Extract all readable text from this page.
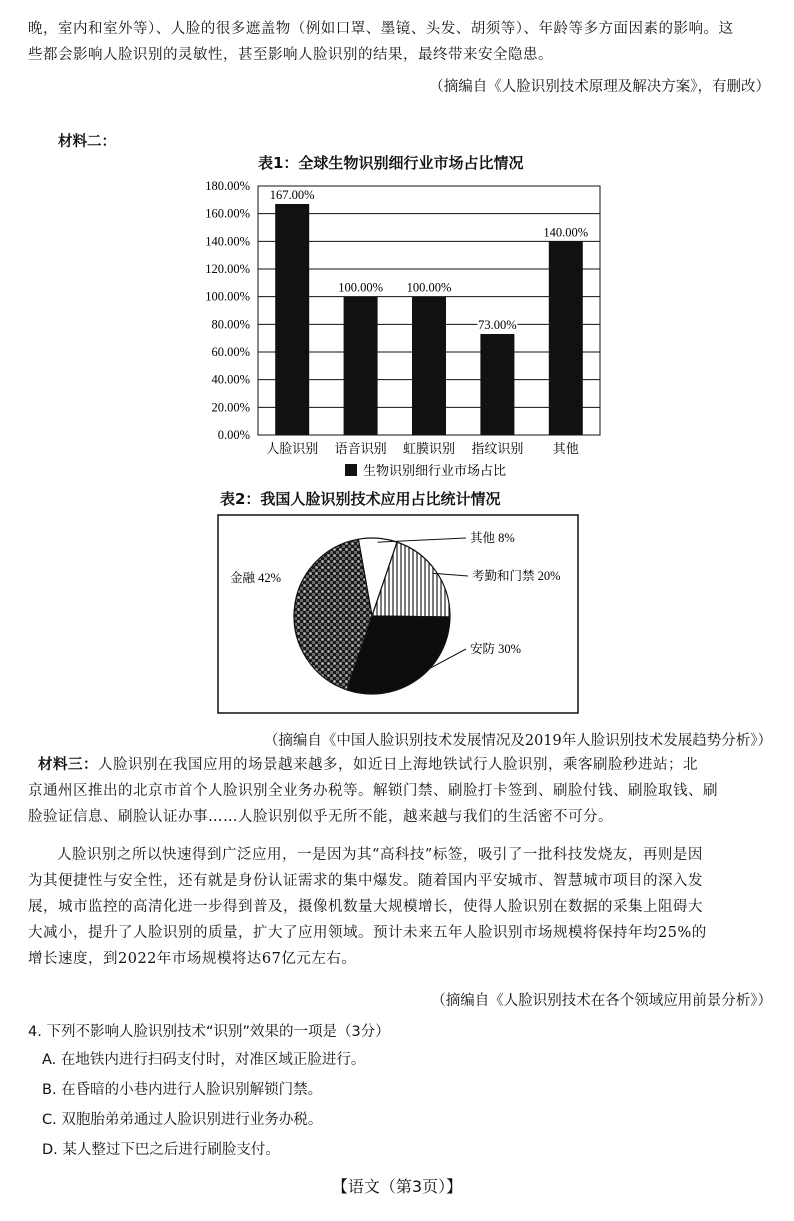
晚，室内和室外等）、人脸的很多遮盖物（例如口罩、墨镜、头发、胡须等）、年龄等多方面因素的影响。这
些都会影响人脸识别的灵敏性，甚至影响人脸识别的结果，最终带来安全隐患。
（摘编自《人脸识别技术原理及解决方案》，有删改）
材料二：
表1：全球生物识别细行业市场占比情况
0.00%
20.00%
40.00%
60.00%
80.00%
100.00%
120.00%
140.00%
160.00%
180.00%
167.00%
人脸识别
100.00%
语音识别
100.00%
虹膜识别
73.00%
指纹识别
140.00%
其他
生物识别细行业市场占比
表2：我国人脸识别技术应用占比统计情况
其他 8%
考勤和门禁 20%
安防 30%
金融 42%
（摘编自《中国人脸识别技术发展情况及2019年人脸识别技术发展趋势分析》）
材料三：人脸识别在我国应用的场景越来越多，如近日上海地铁试行人脸识别，乘客刷脸秒进站；北
京通州区推出的北京市首个人脸识别全业务办税等。解锁门禁、刷脸打卡签到、刷脸付钱、刷脸取钱、刷
脸验证信息、刷脸认证办事……人脸识别似乎无所不能，越来越与我们的生活密不可分。
人脸识别之所以快速得到广泛应用，一是因为其“高科技”标签，吸引了一批科技发烧友，再则是因
为其便捷性与安全性，还有就是身份认证需求的集中爆发。随着国内平安城市、智慧城市项目的深入发
展，城市监控的高清化进一步得到普及，摄像机数量大规模增长，使得人脸识别在数据的采集上阻碍大
大减小，提升了人脸识别的质量，扩大了应用领域。预计未来五年人脸识别市场规模将保持年均25%的
增长速度，到2022年市场规模将达67亿元左右。
（摘编自《人脸识别技术在各个领域应用前景分析》）
4. 下列不影响人脸识别技术“识别”效果的一项是（3分）
A. 在地铁内进行扫码支付时，对准区域正脸进行。
B. 在昏暗的小巷内进行人脸识别解锁门禁。
C. 双胞胎弟弟通过人脸识别进行业务办税。
D. 某人整过下巴之后进行刷脸支付。
【语文（第3页）】
